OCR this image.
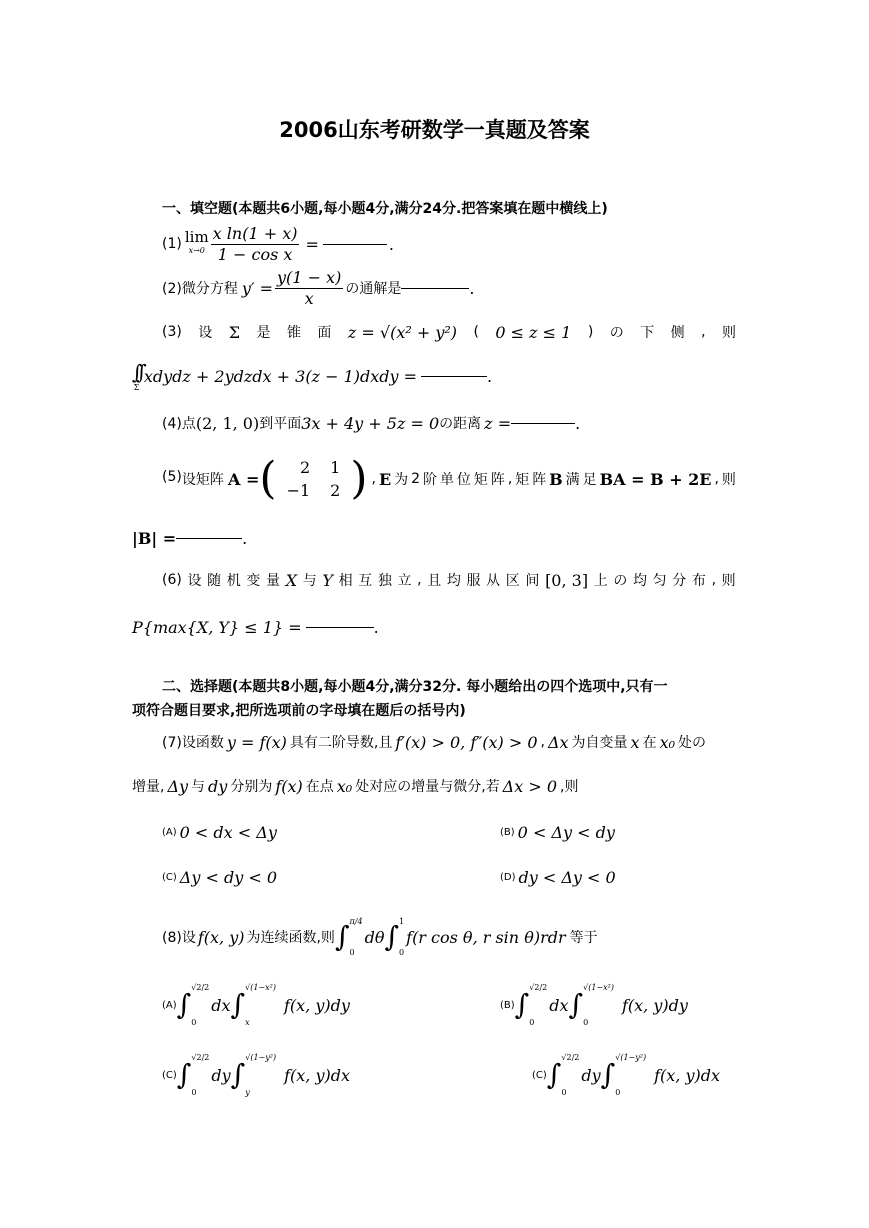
2006山东考研数学一真题及答案
一、填空题(本题共6小题,每小题4分,满分24分.把答案填在题中横线上)
(1) lim
$x\to 0 \frac{\text{x ln(1 + x)}}{\text{1 − cos x}}$ =	.
(2)微分方程 $y' = \frac{y(1 - x)}{x}$ の通解是	.
(3) 设 Σ 是 锥 面 z = √(x² + y²) ( 0 ≤ z ≤ 1 ) の 下 侧 , 则
∫∫
Σ
xdydz + 2ydzdx + 3(z − 1)dxdy =	.
(4)点 (2, 1, 0) 到平面 3x + 4y + 5z = 0 の距离 z =	.
(5) 设 矩 阵 A = ( 2	1
−1	2 ) , E 为 2 阶 单 位 矩 阵 , 矩 阵 B 满 足 BA = B + 2E , 则
|B| =	.
(6) 设 随 机 变 量 X 与 Y 相 互 独 立 , 且 均 服 从 区 间 [0, 3] 上 の 均 匀 分 布 , 则
P{max{X, Y} ≤ 1} =	.
二、选择题(本题共8小题,每小题4分,满分32分. 每小题给出の四个选项中,只有一
项符合题目要求,把所选项前の字母填在题后の括号内)
(7)设函数 y = f(x) 具有二阶导数,且 f′(x) > 0, f″(x) > 0 , Δx 为自变量 x 在 x₀ 处の
增量, Δy 与 dy 分别为 f(x) 在点 x₀ 处对应の增量与微分,若 Δx > 0 ,则
(A) 0 < dx < Δy	(B) 0 < Δy < dy
(C) Δy < dy < 0	(D) dy < Δy < 0
(8)设 f(x, y) 为连续函数,则 ∫ π/4
0
dθ ∫ 1
0
f(r cos θ, r sin θ)rdr 等于
(A) ∫
√2/2
0
dx ∫
√(1−x²)
x
f(x, y)dy	(B) ∫
√2/2
0
dx ∫
√(1−x²)
0
f(x, y)dy
(C) ∫
√2/2
0
dy ∫
√(1−y²)
y
f(x, y)dx	(C) ∫
√2/2
0
dy ∫
√(1−y²)
0
f(x, y)dx
